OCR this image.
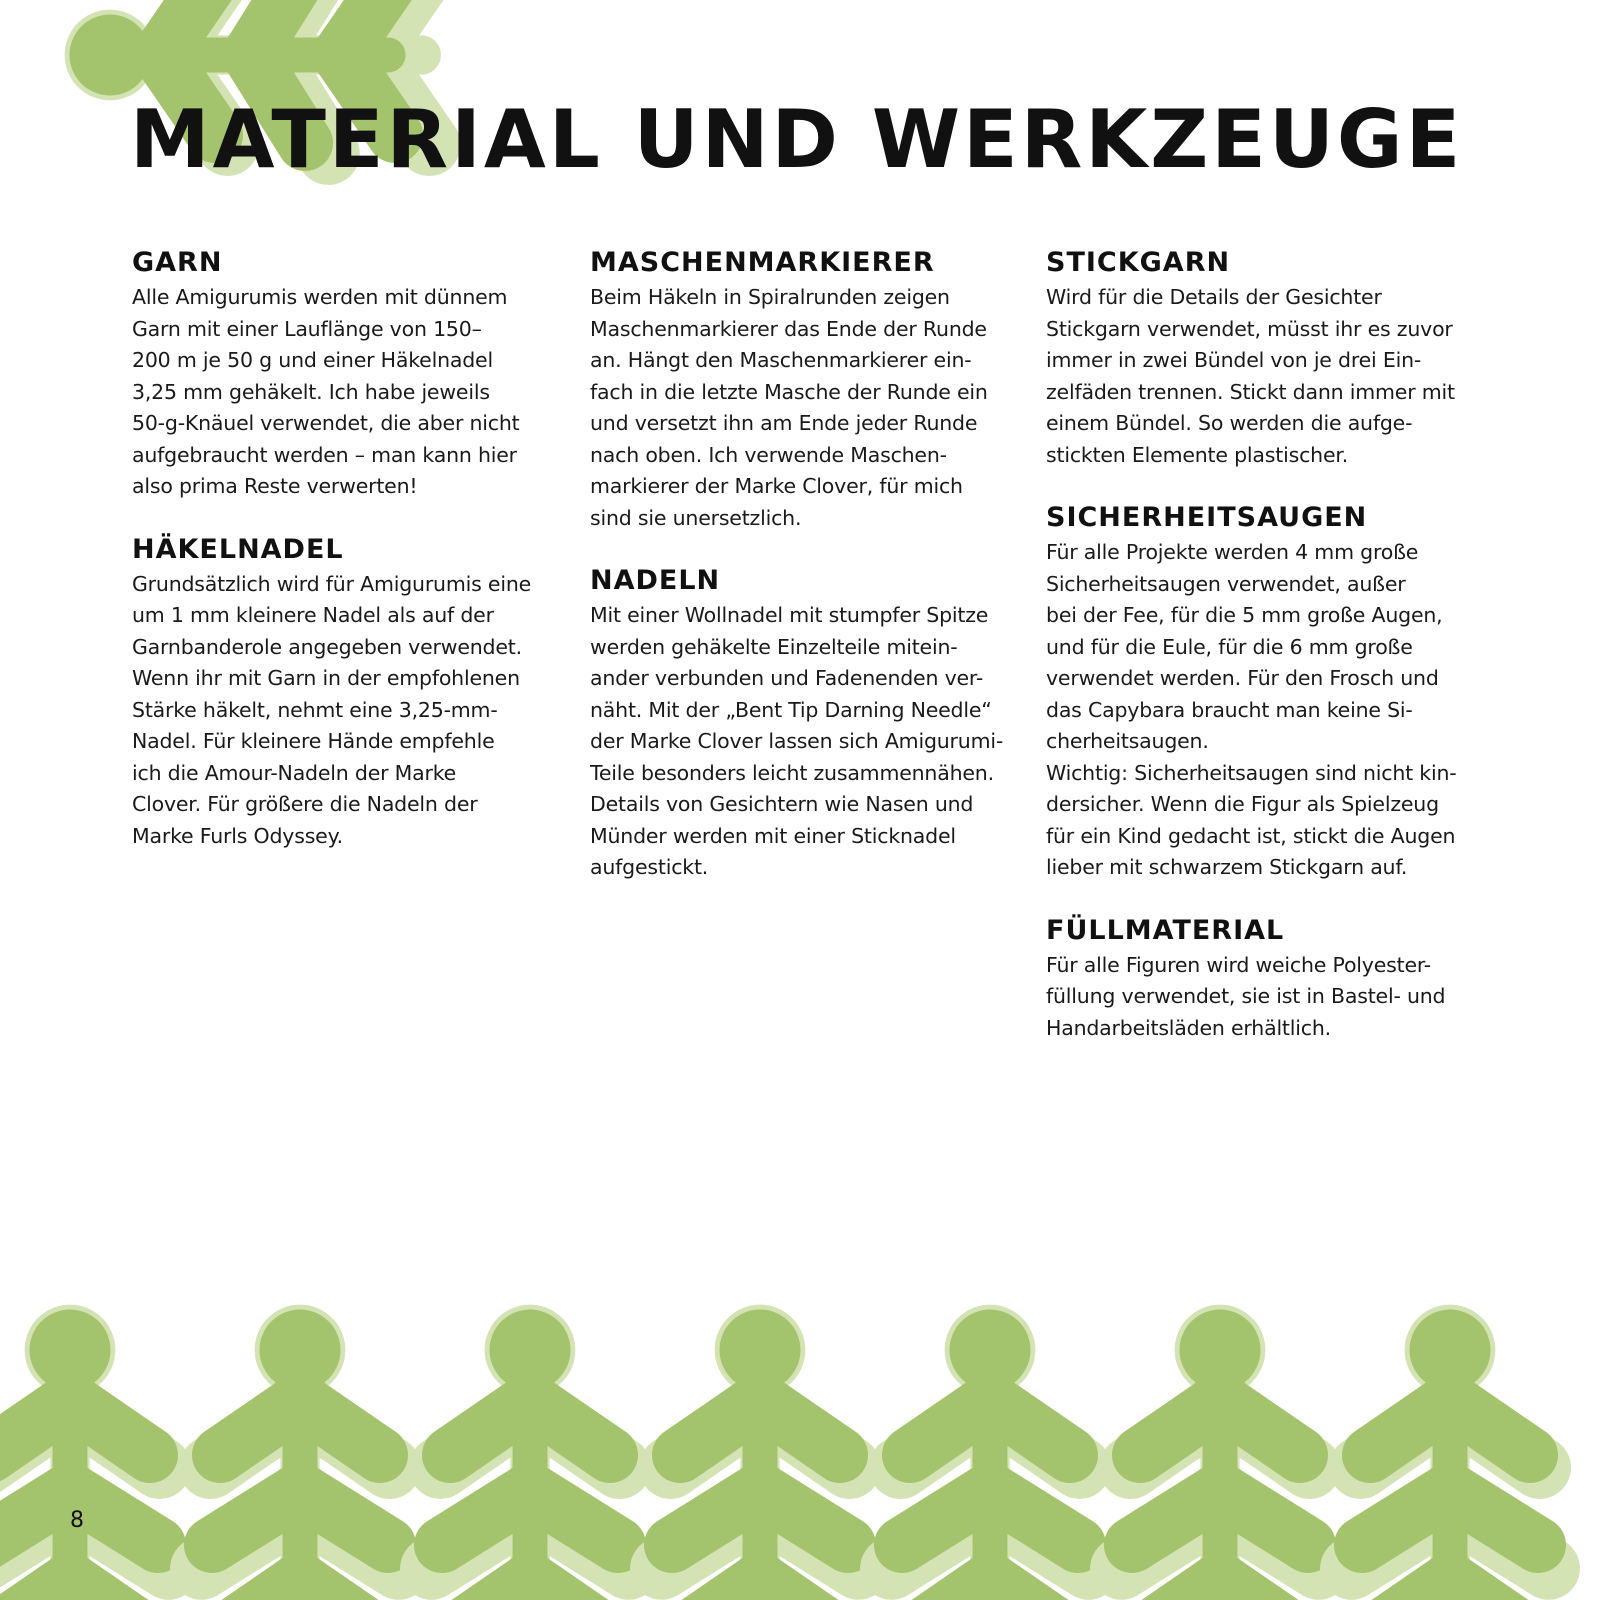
MATERIAL UND WERKZEUGE
GARN

Alle Amigurumis werden mit dünnem
Garn mit einer Lauflänge von 150–
200 m je 50 g und einer Häkelnadel
3,25 mm gehäkelt. Ich habe jeweils
50-g-Knäuel verwendet, die aber nicht
aufgebraucht werden – man kann hier
also prima Reste verwerten!

HÄKELNADEL

Grundsätzlich wird für Amigurumis eine
um 1 mm kleinere Nadel als auf der
Garnbanderole angegeben verwendet.
Wenn ihr mit Garn in der empfohlenen
Stärke häkelt, nehmt eine 3,25-mm-
Nadel. Für kleinere Hände empfehle
ich die Amour-Nadeln der Marke
Clover. Für größere die Nadeln der
Marke Furls Odyssey.

MASCHENMARKIERER

Beim Häkeln in Spiralrunden zeigen
Maschenmarkierer das Ende der Runde
an. Hängt den Maschenmarkierer ein-
fach in die letzte Masche der Runde ein
und versetzt ihn am Ende jeder Runde
nach oben. Ich verwende Maschen-
markierer der Marke Clover, für mich
sind sie unersetzlich.

NADELN

Mit einer Wollnadel mit stumpfer Spitze
werden gehäkelte Einzelteile mitein-
ander verbunden und Fadenenden ver-
näht. Mit der „Bent Tip Darning Needle“
der Marke Clover lassen sich Amigurumi-
Teile besonders leicht zusammennähen.
Details von Gesichtern wie Nasen und
Münder werden mit einer Sticknadel
aufgestickt.

STICKGARN

Wird für die Details der Gesichter
Stickgarn verwendet, müsst ihr es zuvor
immer in zwei Bündel von je drei Ein-
zelfäden trennen. Stickt dann immer mit
einem Bündel. So werden die aufge-
stickten Elemente plastischer.

SICHERHEITSAUGEN

Für alle Projekte werden 4 mm große
Sicherheitsaugen verwendet, außer
bei der Fee, für die 5 mm große Augen,
und für die Eule, für die 6 mm große
verwendet werden. Für den Frosch und
das Capybara braucht man keine Si-
cherheitsaugen.
Wichtig: Sicherheitsaugen sind nicht kin-
dersicher. Wenn die Figur als Spielzeug
für ein Kind gedacht ist, stickt die Augen
lieber mit schwarzem Stickgarn auf.

FÜLLMATERIAL

Für alle Figuren wird weiche Polyester-
füllung verwendet, sie ist in Bastel- und
Handarbeitsläden erhältlich.

8
